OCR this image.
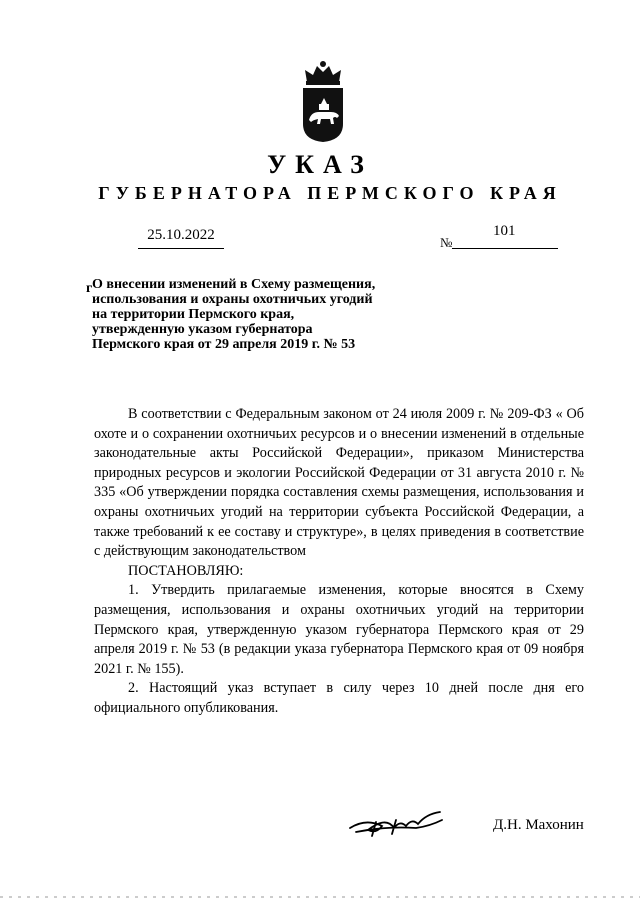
УКАЗ
ГУБЕРНАТОРА ПЕРМСКОГО КРАЯ
25.10.2022	101
№
г О внесении изменений в Схему размещения,
использования и охраны охотничьих угодий
на территории Пермского края,
утвержденную указом губернатора
Пермского края от 29 апреля 2019 г. № 53

В соответствии с Федеральным законом от 24 июля 2009 г. № 209-ФЗ « Об охоте и о сохранении охотничьих ресурсов и о внесении изменений в отдельные законодательные акты Российской Федерации», приказом Министерства природных ресурсов и экологии Российской Федерации от 31 августа 2010 г. № 335 «Об утверждении порядка составления схемы размещения, использования и охраны охотничьих угодий на территории субъекта Российской Федерации, а также требований к ее составу и структуре», в целях приведения в соответствие с действующим законодательством

ПОСТАНОВЛЯЮ:

1. Утвердить прилагаемые изменения, которые вносятся в Схему размещения, использования и охраны охотничьих угодий на территории Пермского края, утвержденную указом губернатора Пермского края от 29 апреля 2019 г. № 53 (в редакции указа губернатора Пермского края от 09 ноября 2021 г. № 155).

2. Настоящий указ вступает в силу через 10 дней после дня его официального опубликования.

Д.Н. Махонин
